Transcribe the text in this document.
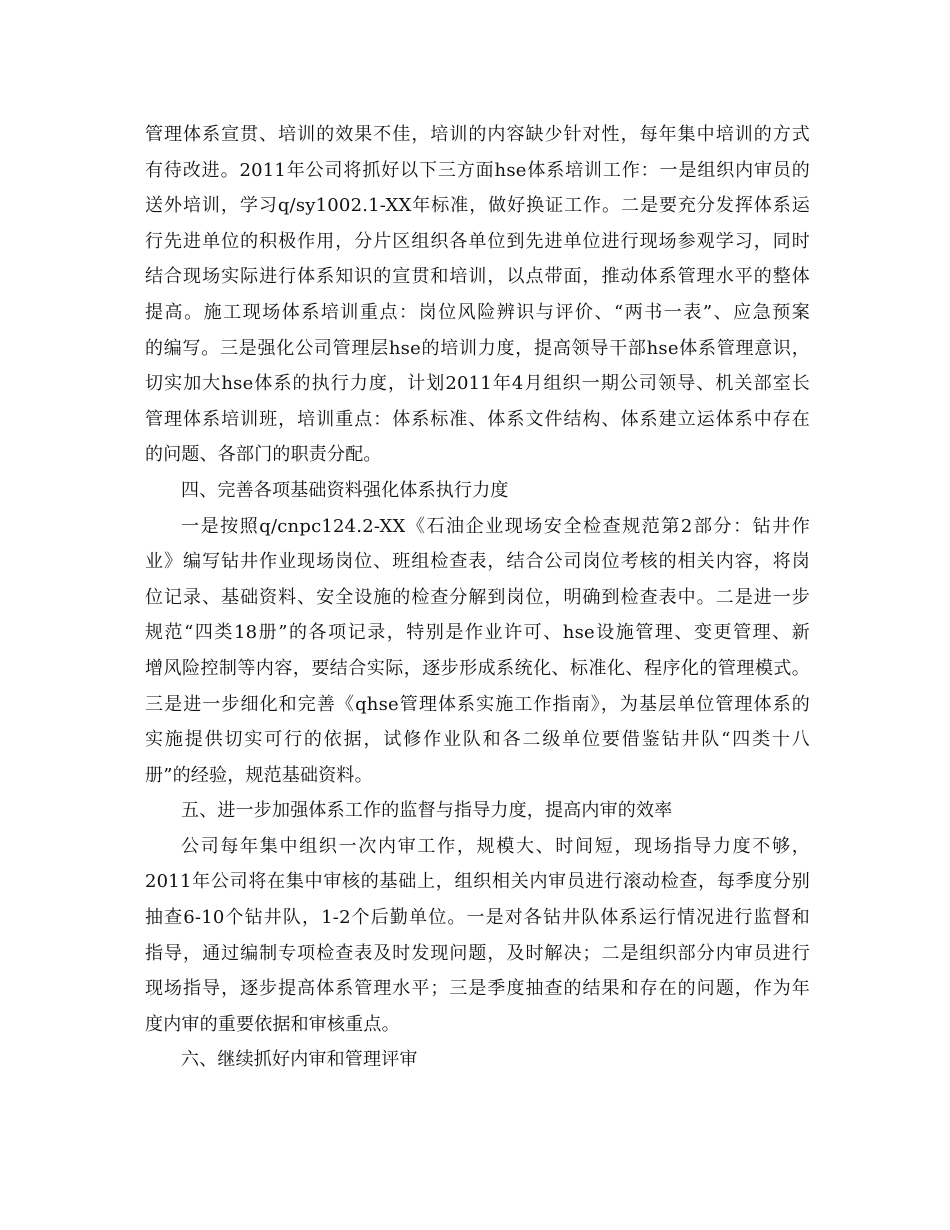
管理体系宣贯、培训的效果不佳，培训的内容缺少针对性，每年集中培训的方式
有待改进。2011年公司将抓好以下三方面hse体系培训工作：一是组织内审员的
送外培训，学习q/sy1002.1-XX年标准，做好换证工作。二是要充分发挥体系运
行先进单位的积极作用，分片区组织各单位到先进单位进行现场参观学习，同时
结合现场实际进行体系知识的宣贯和培训，以点带面，推动体系管理水平的整体
提高。施工现场体系培训重点：岗位风险辨识与评价、“两书一表”、应急预案
的编写。三是强化公司管理层hse的培训力度，提高领导干部hse体系管理意识，
切实加大hse体系的执行力度，计划2011年4月组织一期公司领导、机关部室长
管理体系培训班，培训重点：体系标准、体系文件结构、体系建立运体系中存在
的问题、各部门的职责分配。
四、完善各项基础资料强化体系执行力度
一是按照q/cnpc124.2-XX《石油企业现场安全检查规范第2部分：钻井作
业》编写钻井作业现场岗位、班组检查表，结合公司岗位考核的相关内容，将岗
位记录、基础资料、安全设施的检查分解到岗位，明确到检查表中。二是进一步
规范“四类18册”的各项记录，特别是作业许可、hse设施管理、变更管理、新
增风险控制等内容，要结合实际，逐步形成系统化、标准化、程序化的管理模式。
三是进一步细化和完善《qhse管理体系实施工作指南》，为基层单位管理体系的
实施提供切实可行的依据，试修作业队和各二级单位要借鉴钻井队“四类十八
册”的经验，规范基础资料。
五、进一步加强体系工作的监督与指导力度，提高内审的效率
公司每年集中组织一次内审工作，规模大、时间短，现场指导力度不够，
2011年公司将在集中审核的基础上，组织相关内审员进行滚动检查，每季度分别
抽查6-10个钻井队，1-2个后勤单位。一是对各钻井队体系运行情况进行监督和
指导，通过编制专项检查表及时发现问题，及时解决；二是组织部分内审员进行
现场指导，逐步提高体系管理水平；三是季度抽查的结果和存在的问题，作为年
度内审的重要依据和审核重点。
六、继续抓好内审和管理评审
